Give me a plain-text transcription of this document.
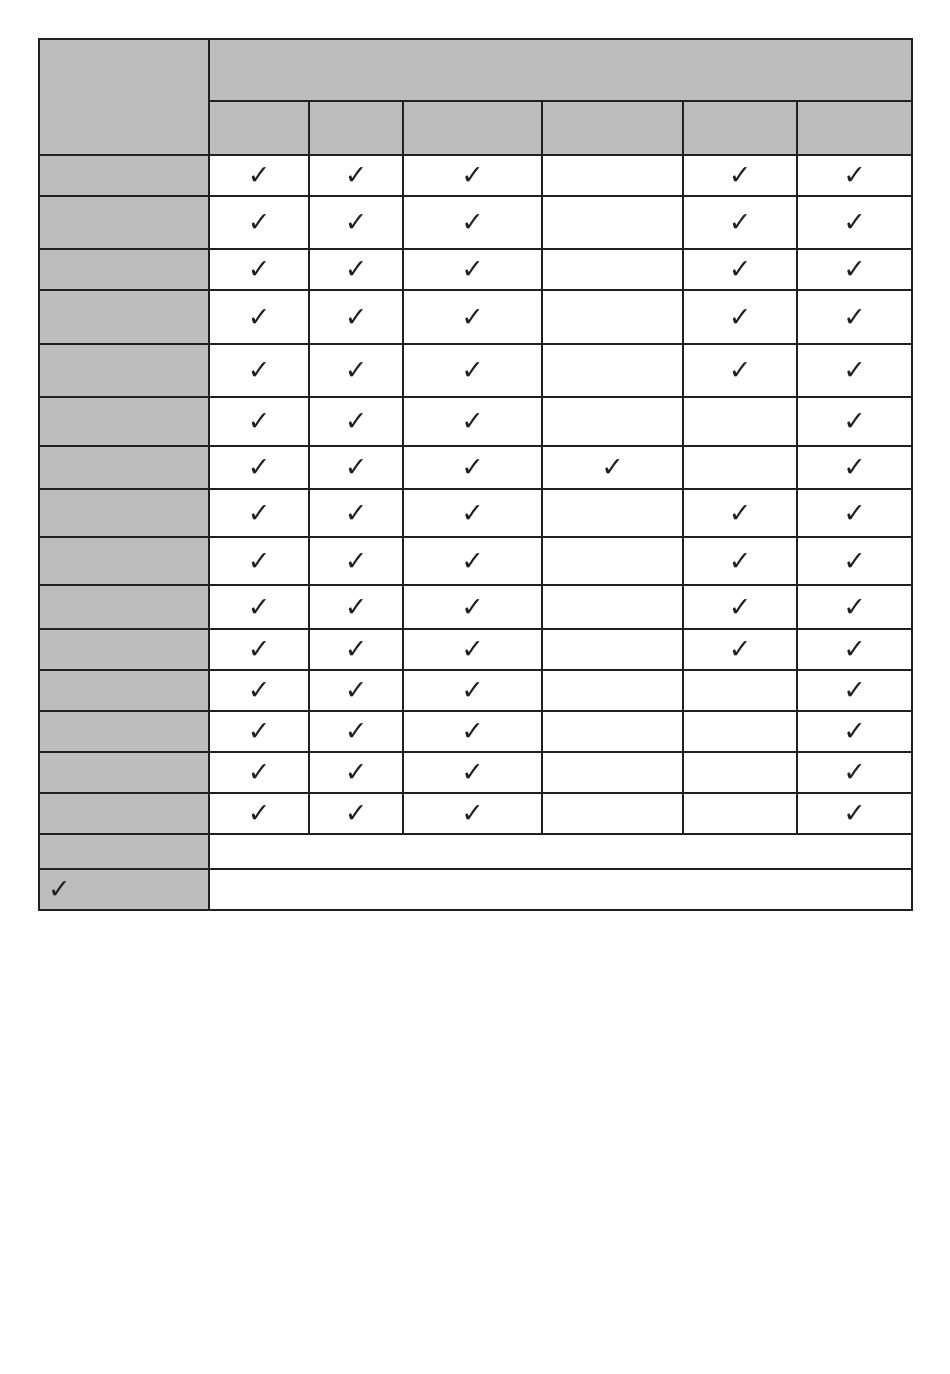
	✓	✓	✓		✓	✓
	✓	✓	✓		✓	✓
	✓	✓	✓		✓	✓
	✓	✓	✓		✓	✓
	✓	✓	✓		✓	✓
	✓	✓	✓			✓
	✓	✓	✓	✓		✓
	✓	✓	✓		✓	✓
	✓	✓	✓		✓	✓
	✓	✓	✓		✓	✓
	✓	✓	✓		✓	✓
	✓	✓	✓			✓
	✓	✓	✓			✓
	✓	✓	✓			✓
	✓	✓	✓			✓

✓						
